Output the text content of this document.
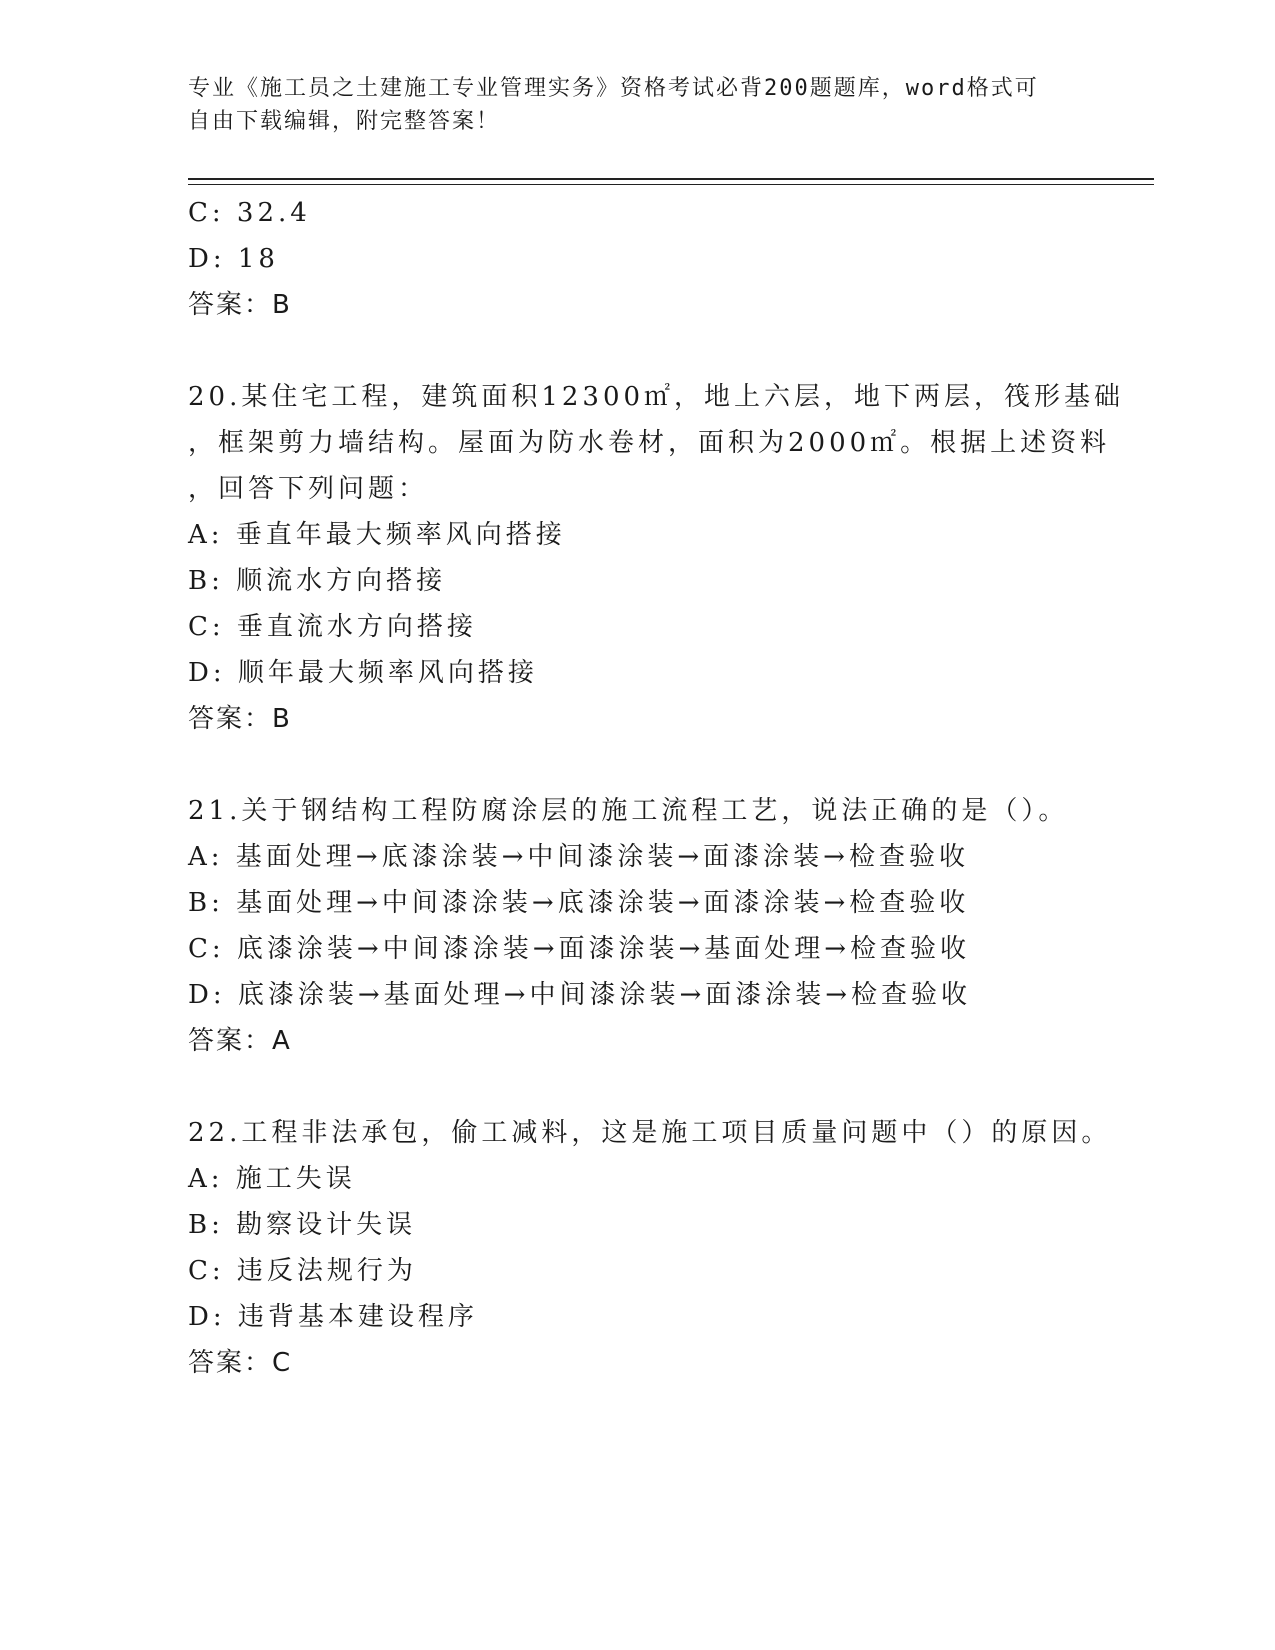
专业《施工员之土建施工专业管理实务》资格考试必背200题题库，word格式可
自由下载编辑，附完整答案！
C: 32.4
D: 18
答案：B
20.某住宅工程，建筑面积12300㎡，地上六层，地下两层，筏形基础
，框架剪力墙结构。屋面为防水卷材，面积为2000㎡。根据上述资料
，回答下列问题：
A: 垂直年最大频率风向搭接
B: 顺流水方向搭接
C: 垂直流水方向搭接
D: 顺年最大频率风向搭接
答案：B
21.关于钢结构工程防腐涂层的施工流程工艺，说法正确的是（）。
A: 基面处理→底漆涂装→中间漆涂装→面漆涂装→检查验收
B: 基面处理→中间漆涂装→底漆涂装→面漆涂装→检查验收
C: 底漆涂装→中间漆涂装→面漆涂装→基面处理→检查验收
D: 底漆涂装→基面处理→中间漆涂装→面漆涂装→检查验收
答案：A
22.工程非法承包，偷工减料，这是施工项目质量问题中（）的原因。
A: 施工失误
B: 勘察设计失误
C: 违反法规行为
D: 违背基本建设程序
答案：C
